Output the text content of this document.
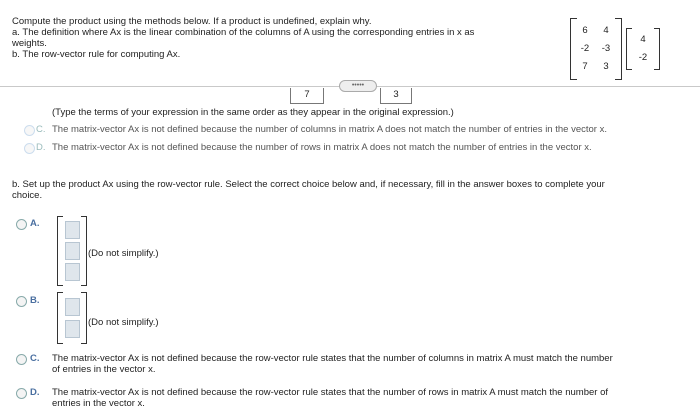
Compute the product using the methods below. If a product is undefined, explain why.
a. The definition where Ax is the linear combination of the columns of A using the corresponding entries in x as
weights.
b. The row-vector rule for computing Ax.
6	4
-2	-3
7	3
4
-2
•••••
7	3
(Type the terms of your expression in the same order as they appear in the original expression.)
C. The matrix-vector Ax is not defined because the number of columns in matrix A does not match the number of entries in the vector x.
D. The matrix-vector Ax is not defined because the number of rows in matrix A does not match the number of entries in the vector x.
b. Set up the product Ax using the row-vector rule. Select the correct choice below and, if necessary, fill in the answer boxes to complete your
choice.
A.
(Do not simplify.)
B.
(Do not simplify.)
C. The matrix-vector Ax is not defined because the row-vector rule states that the number of columns in matrix A must match the number
of entries in the vector x.
D. The matrix-vector Ax is not defined because the row-vector rule states that the number of rows in matrix A must match the number of
entries in the vector x.
